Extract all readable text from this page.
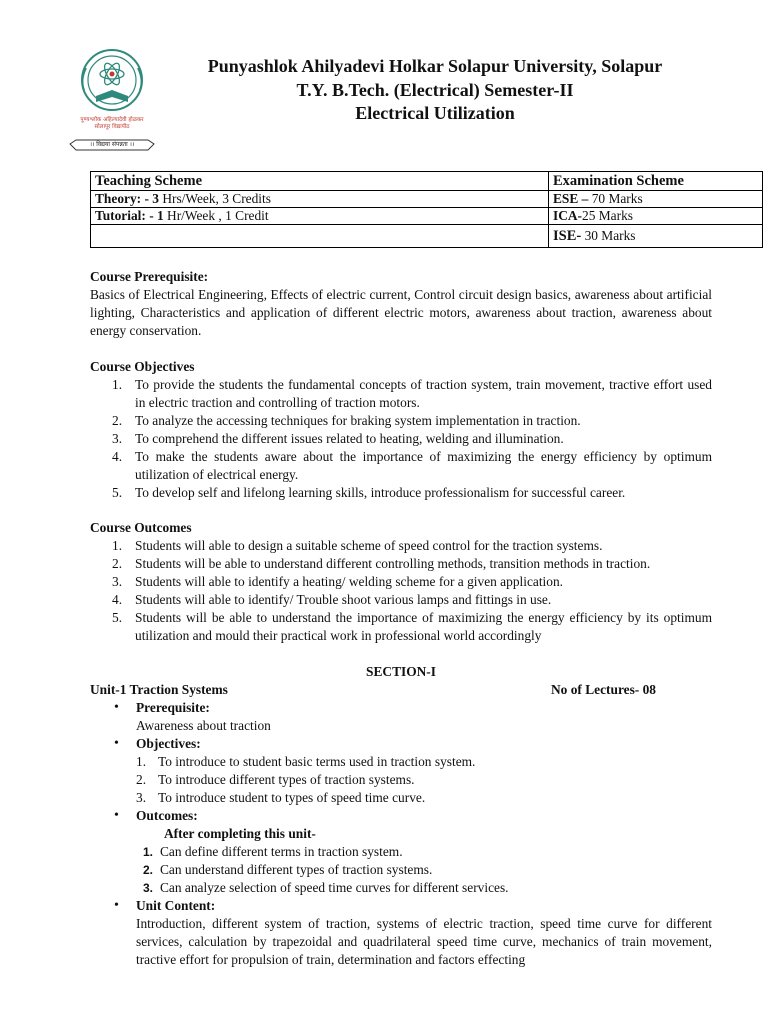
पुण्यश्लोक अहिल्यादेवी होळकर
सोलापूर विद्यापीठ
।। विद्यया संपन्नता ।।
Punyashlok Ahilyadevi Holkar Solapur University, Solapur
T.Y. B.Tech. (Electrical) Semester-II
Electrical Utilization
Teaching Scheme	Examination Scheme
Theory: - 3 Hrs/Week, 3 Credits	ESE – 70 Marks
Tutorial: - 1 Hr/Week , 1 Credit	ICA-25 Marks
	ISE- 30 Marks
Course Prerequisite:
Basics of Electrical Engineering, Effects of electric current, Control circuit design basics, awareness about artificial lighting, Characteristics and application of different electric motors, awareness about traction, awareness about energy conservation.
Course Objectives
1. To provide the students the fundamental concepts of traction system, train movement, tractive effort used in electric traction and controlling of traction motors.
2. To analyze the accessing techniques for braking system implementation in traction.
3. To comprehend the different issues related to heating, welding and illumination.
4. To make the students aware about the importance of maximizing the energy efficiency by optimum utilization of electrical energy.
5. To develop self and lifelong learning skills, introduce professionalism for successful career.
Course Outcomes
1. Students will able to design a suitable scheme of speed control for the traction systems.
2. Students will be able to understand different controlling methods, transition methods in traction.
3. Students will able to identify a heating/ welding scheme for a given application.
4. Students will able to identify/ Trouble shoot various lamps and fittings in use.
5. Students will be able to understand the importance of maximizing the energy efficiency by its optimum utilization and mould their practical work in professional world accordingly
SECTION-I
Unit-1 Traction Systems	No of Lectures- 08
• Prerequisite:
Awareness about traction
• Objectives:
1. To introduce to student basic terms used in traction system.
2. To introduce different types of traction systems.
3. To introduce student to types of speed time curve.
• Outcomes:
After completing this unit-
1. Can define different terms in traction system.
2. Can understand different types of traction systems.
3. Can analyze selection of speed time curves for different services.
• Unit Content:
Introduction, different system of traction, systems of electric traction, speed time curve for different services, calculation by trapezoidal and quadrilateral speed time curve, mechanics of train movement, tractive effort for propulsion of train, determination and factors effecting
